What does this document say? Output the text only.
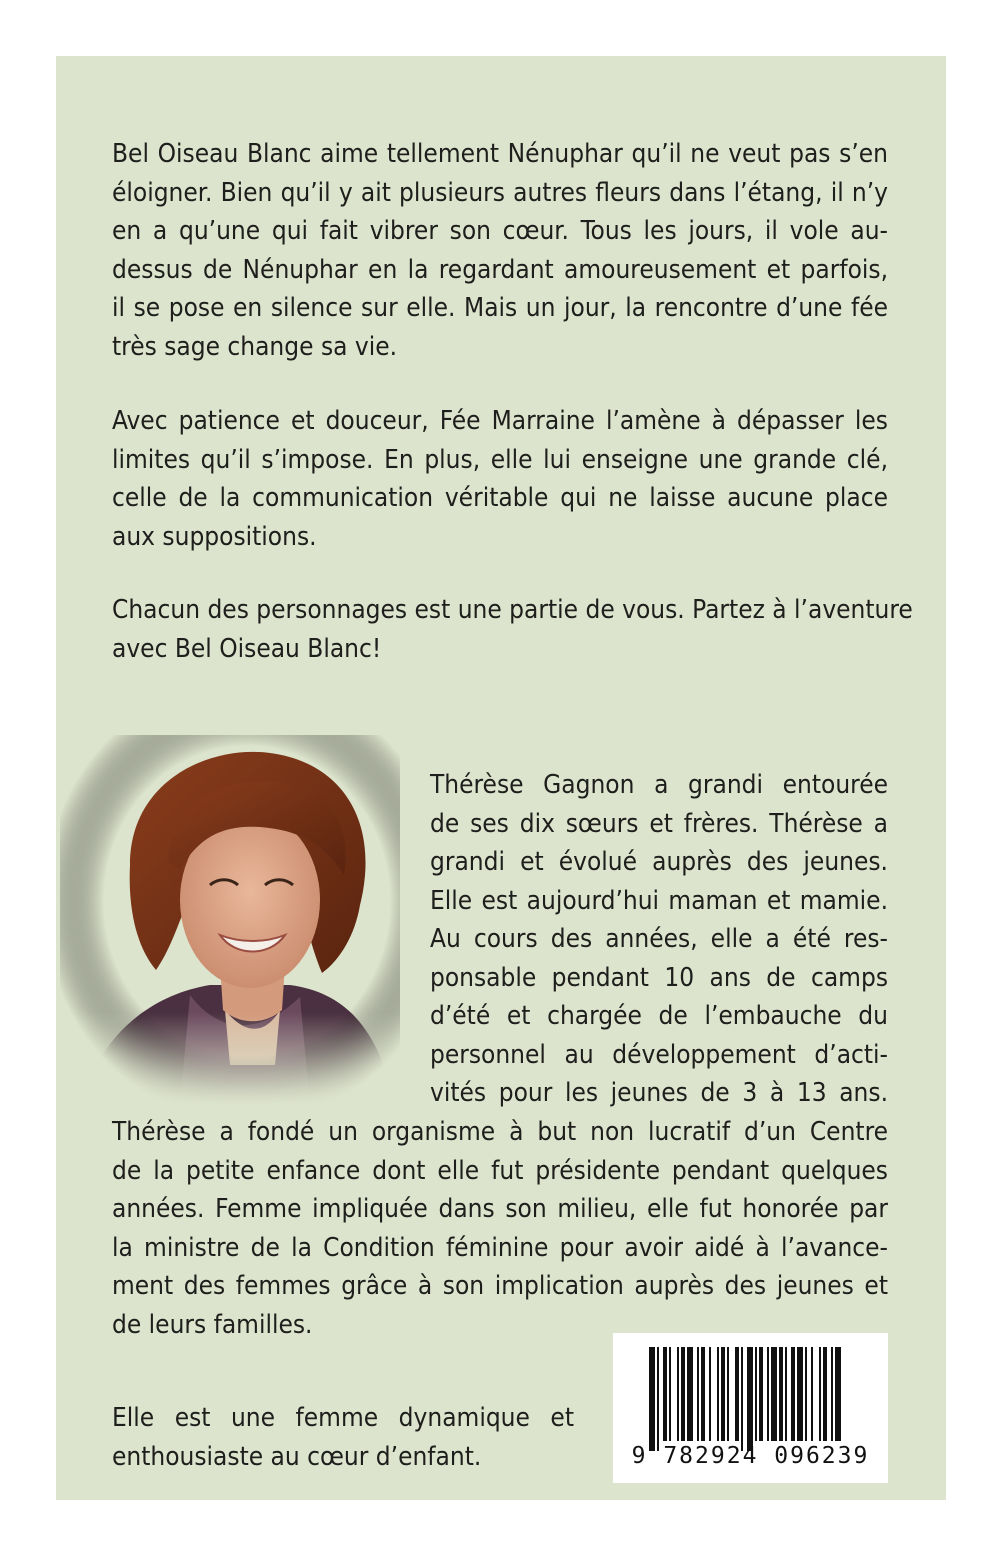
Bel Oiseau Blanc aime tellement Nénuphar qu’il ne veut pas s’en
éloigner. Bien qu’il y ait plusieurs autres fleurs dans l’étang, il n’y
en a qu’une qui fait vibrer son cœur. Tous les jours, il vole au-
dessus de Nénuphar en la regardant amoureusement et parfois,
il se pose en silence sur elle. Mais un jour, la rencontre d’une fée
très sage change sa vie.
Avec patience et douceur, Fée Marraine l’amène à dépasser les
limites qu’il s’impose. En plus, elle lui enseigne une grande clé,
celle de la communication véritable qui ne laisse aucune place
aux suppositions.
Chacun des personnages est une partie de vous. Partez à l’aventure
avec Bel Oiseau Blanc!
Thérèse Gagnon a grandi entourée
de ses dix sœurs et frères. Thérèse a
grandi et évolué auprès des jeunes.
Elle est aujourd’hui maman et mamie.
Au cours des années, elle a été res-
ponsable pendant 10 ans de camps
d’été et chargée de l’embauche du
personnel au développement d’acti-
vités pour les jeunes de 3 à 13 ans.
Thérèse a fondé un organisme à but non lucratif d’un Centre
de la petite enfance dont elle fut présidente pendant quelques
années. Femme impliquée dans son milieu, elle fut honorée par
la ministre de la Condition féminine pour avoir aidé à l’avance-
ment des femmes grâce à son implication auprès des jeunes et
de leurs familles.
Elle est une femme dynamique et
enthousiaste au cœur d’enfant.	9 782924 096239
